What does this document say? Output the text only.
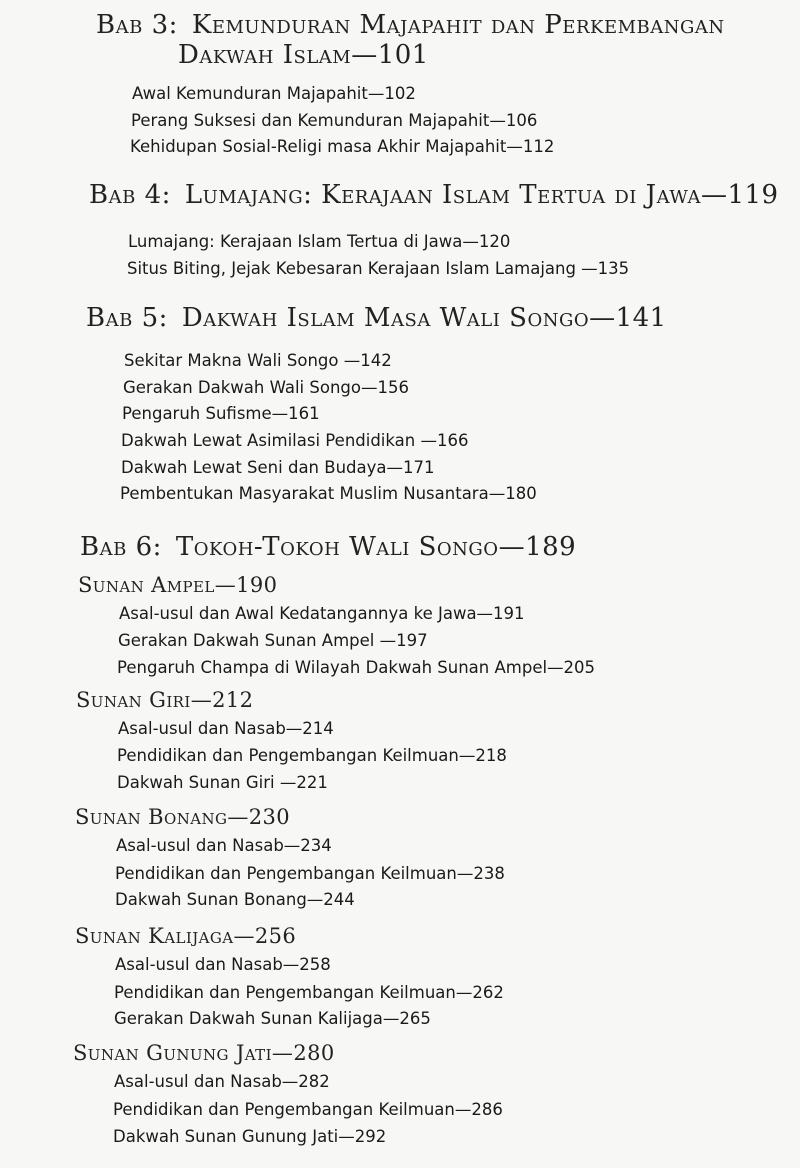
Bab 3: Kemunduran Majapahit dan Perkembangan
Dakwah Islam—101
Awal Kemunduran Majapahit—102
Perang Suksesi dan Kemunduran Majapahit—106
Kehidupan Sosial-Religi masa Akhir Majapahit—112
Bab 4: Lumajang: Kerajaan Islam Tertua di Jawa—119
Lumajang: Kerajaan Islam Tertua di Jawa—120
Situs Biting, Jejak Kebesaran Kerajaan Islam Lamajang —135
Bab 5: Dakwah Islam Masa Wali Songo—141
Sekitar Makna Wali Songo —142
Gerakan Dakwah Wali Songo—156
Pengaruh Sufisme—161
Dakwah Lewat Asimilasi Pendidikan —166
Dakwah Lewat Seni dan Budaya—171
Pembentukan Masyarakat Muslim Nusantara—180
Bab 6: Tokoh-Tokoh Wali Songo—189
Sunan Ampel—190
Asal-usul dan Awal Kedatangannya ke Jawa—191
Gerakan Dakwah Sunan Ampel —197
Pengaruh Champa di Wilayah Dakwah Sunan Ampel—205
Sunan Giri—212
Asal-usul dan Nasab—214
Pendidikan dan Pengembangan Keilmuan—218
Dakwah Sunan Giri —221
Sunan Bonang—230
Asal-usul dan Nasab—234
Pendidikan dan Pengembangan Keilmuan—238
Dakwah Sunan Bonang—244
Sunan Kalijaga—256
Asal-usul dan Nasab—258
Pendidikan dan Pengembangan Keilmuan—262
Gerakan Dakwah Sunan Kalijaga—265
Sunan Gunung Jati—280
Asal-usul dan Nasab—282
Pendidikan dan Pengembangan Keilmuan—286
Dakwah Sunan Gunung Jati—292
